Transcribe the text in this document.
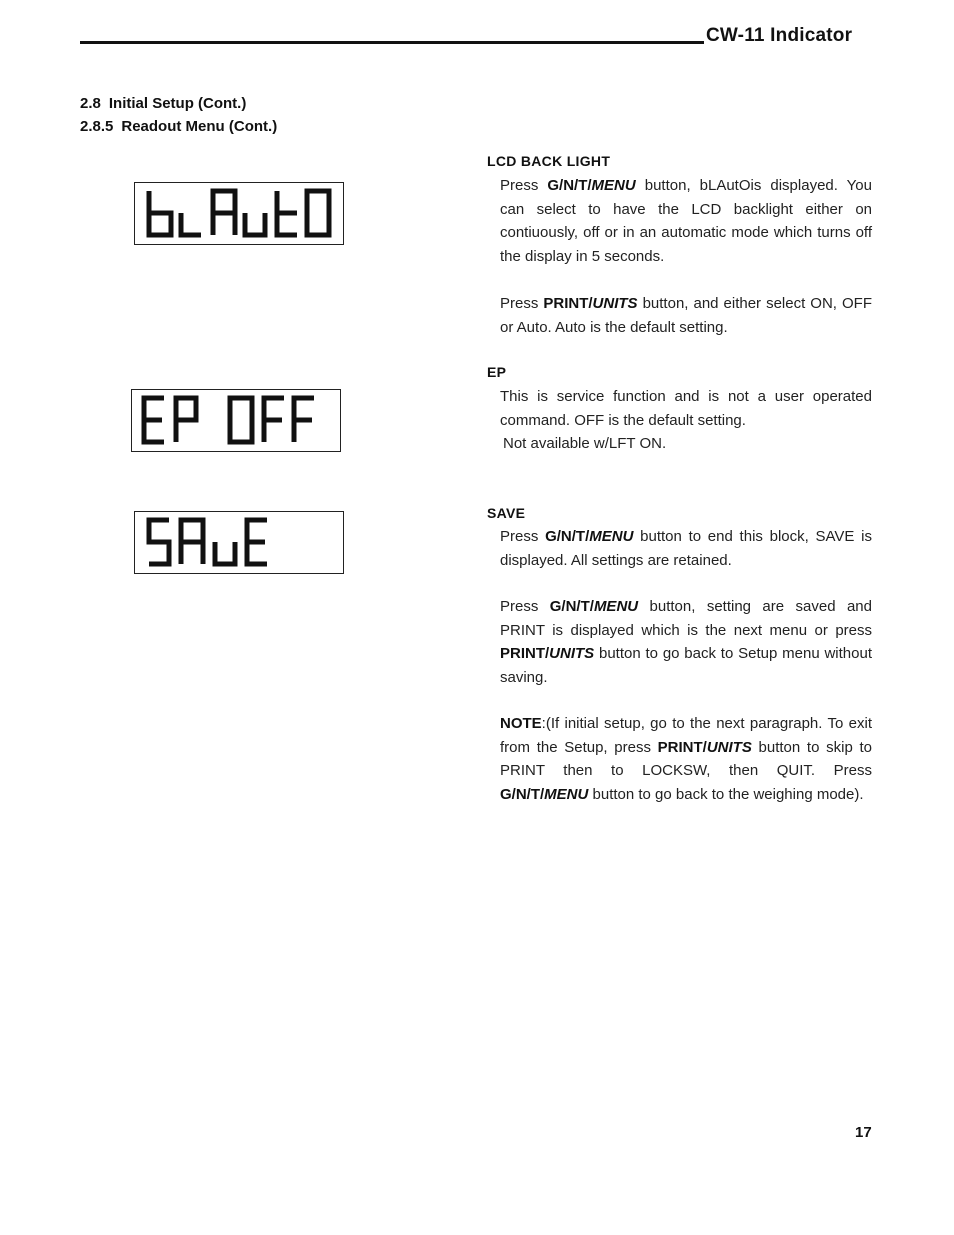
CW-11 Indicator
2.8 Initial Setup (Cont.)
2.8.5 Readout Menu (Cont.)
LCD BACK LIGHT
Press G/N/T/MENU button, bLAutOis displayed. You can select to have the LCD backlight either on contiuously, off or in an automatic mode which turns off the display in 5 seconds.
Press PRINT/UNITS button, and either select ON, OFF or Auto. Auto is the default setting.
EP
This is service function and is not a user operated command. OFF is the default setting.
Not available w/LFT ON.
SAVE
Press G/N/T/MENU button to end this block, SAVE is displayed. All settings are retained.
Press G/N/T/MENU button, setting are saved and PRINT is displayed which is the next menu or press PRINT/UNITS button to go back to Setup menu without saving.
NOTE:(If initial setup, go to the next paragraph. To exit from the Setup, press PRINT/UNITS button to skip to PRINT then to LOCKSW, then QUIT. Press G/N/T/MENU button to go back to the weighing mode).
17
